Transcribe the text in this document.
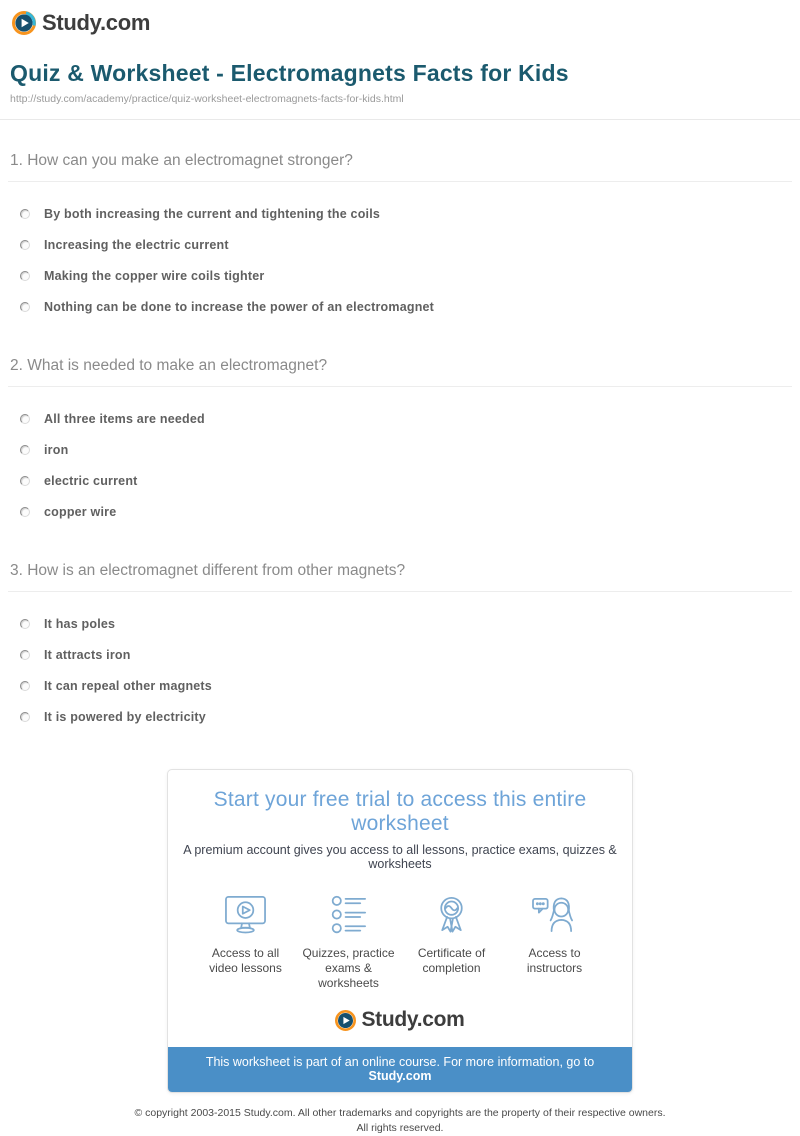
Study.com
Quiz & Worksheet - Electromagnets Facts for Kids
http://study.com/academy/practice/quiz-worksheet-electromagnets-facts-for-kids.html
1. How can you make an electromagnet stronger?
By both increasing the current and tightening the coils
Increasing the electric current
Making the copper wire coils tighter
Nothing can be done to increase the power of an electromagnet
2. What is needed to make an electromagnet?
All three items are needed
iron
electric current
copper wire
3. How is an electromagnet different from other magnets?
It has poles
It attracts iron
It can repeal other magnets
It is powered by electricity
Start your free trial to access this entire worksheet
A premium account gives you access to all lessons, practice exams, quizzes & worksheets
Access to all
video lessons
Quizzes, practice
exams & worksheets
Certificate of
completion
Access to
instructors
Study.com
This worksheet is part of an online course. For more information, go to Study.com
© copyright 2003-2015 Study.com. All other trademarks and copyrights are the property of their respective owners.
All rights reserved.
